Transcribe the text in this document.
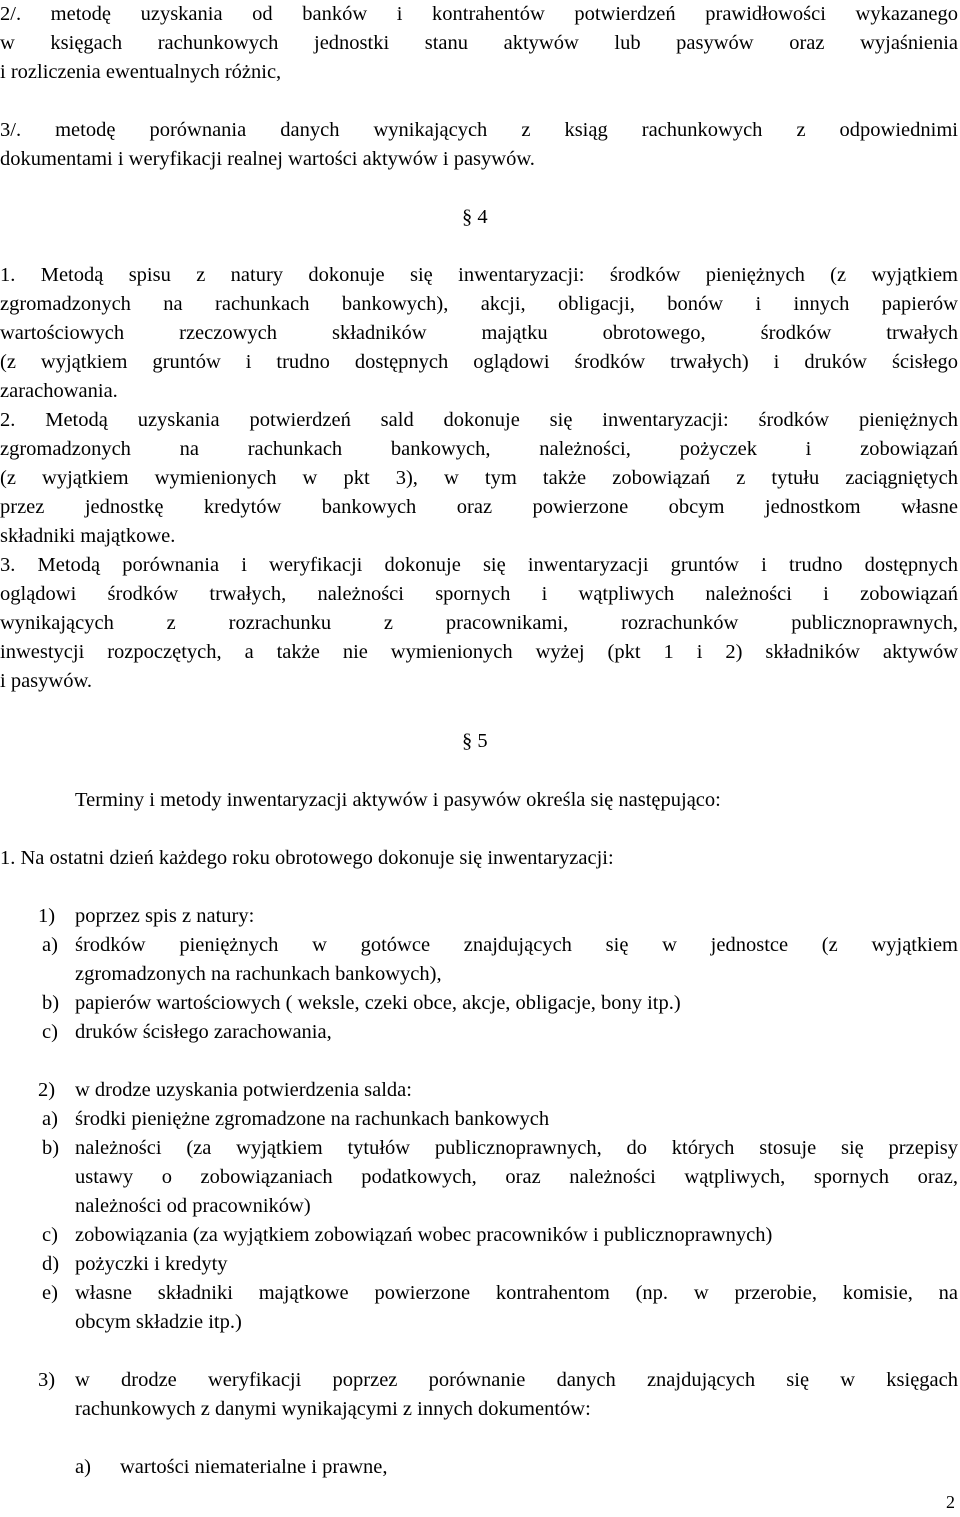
2/. metodę uzyskania od banków i kontrahentów potwierdzeń prawidłowości wykazanego
w księgach rachunkowych jednostki stanu aktywów lub pasywów oraz wyjaśnienia
i rozliczenia ewentualnych różnic,
3/. metodę porównania danych wynikających z ksiąg rachunkowych z odpowiednimi
dokumentami i weryfikacji realnej wartości aktywów i pasywów.
§ 4
1. Metodą spisu z natury dokonuje się inwentaryzacji: środków pieniężnych (z wyjątkiem
zgromadzonych na rachunkach bankowych), akcji, obligacji, bonów i innych papierów
wartościowych rzeczowych składników majątku obrotowego, środków trwałych
(z wyjątkiem gruntów i trudno dostępnych oglądowi środków trwałych) i druków ścisłego
zarachowania.
2. Metodą uzyskania potwierdzeń sald dokonuje się inwentaryzacji: środków pieniężnych
zgromadzonych na rachunkach bankowych, należności, pożyczek i zobowiązań
(z wyjątkiem wymienionych w pkt 3), w tym także zobowiązań z tytułu zaciągniętych
przez jednostkę kredytów bankowych oraz powierzone obcym jednostkom własne
składniki majątkowe.
3. Metodą porównania i weryfikacji dokonuje się inwentaryzacji gruntów i trudno dostępnych
oglądowi środków trwałych, należności spornych i wątpliwych należności i zobowiązań
wynikających z rozrachunku z pracownikami, rozrachunków publicznoprawnych,
inwestycji rozpoczętych, a także nie wymienionych wyżej (pkt 1 i 2) składników aktywów
i pasywów.
§ 5
Terminy i metody inwentaryzacji aktywów i pasywów określa się następująco:
1. Na ostatni dzień każdego roku obrotowego dokonuje się inwentaryzacji:
1) poprzez spis z natury:
a) środków pieniężnych w gotówce znajdujących się w jednostce (z wyjątkiem
zgromadzonych na rachunkach bankowych),
b) papierów wartościowych ( weksle, czeki obce, akcje, obligacje, bony itp.)
c) druków ścisłego zarachowania,
2) w drodze uzyskania potwierdzenia salda:
a) środki pieniężne zgromadzone na rachunkach bankowych
b) należności (za wyjątkiem tytułów publicznoprawnych, do których stosuje się przepisy
ustawy o zobowiązaniach podatkowych, oraz należności wątpliwych, spornych oraz,
należności od pracowników)
c) zobowiązania (za wyjątkiem zobowiązań wobec pracowników i publicznoprawnych)
d) pożyczki i kredyty
e) własne składniki majątkowe powierzone kontrahentom (np. w przerobie, komisie, na
obcym składzie itp.)
3) w drodze weryfikacji poprzez porównanie danych znajdujących się w księgach
rachunkowych z danymi wynikającymi z innych dokumentów:
a) wartości niematerialne i prawne,
2
